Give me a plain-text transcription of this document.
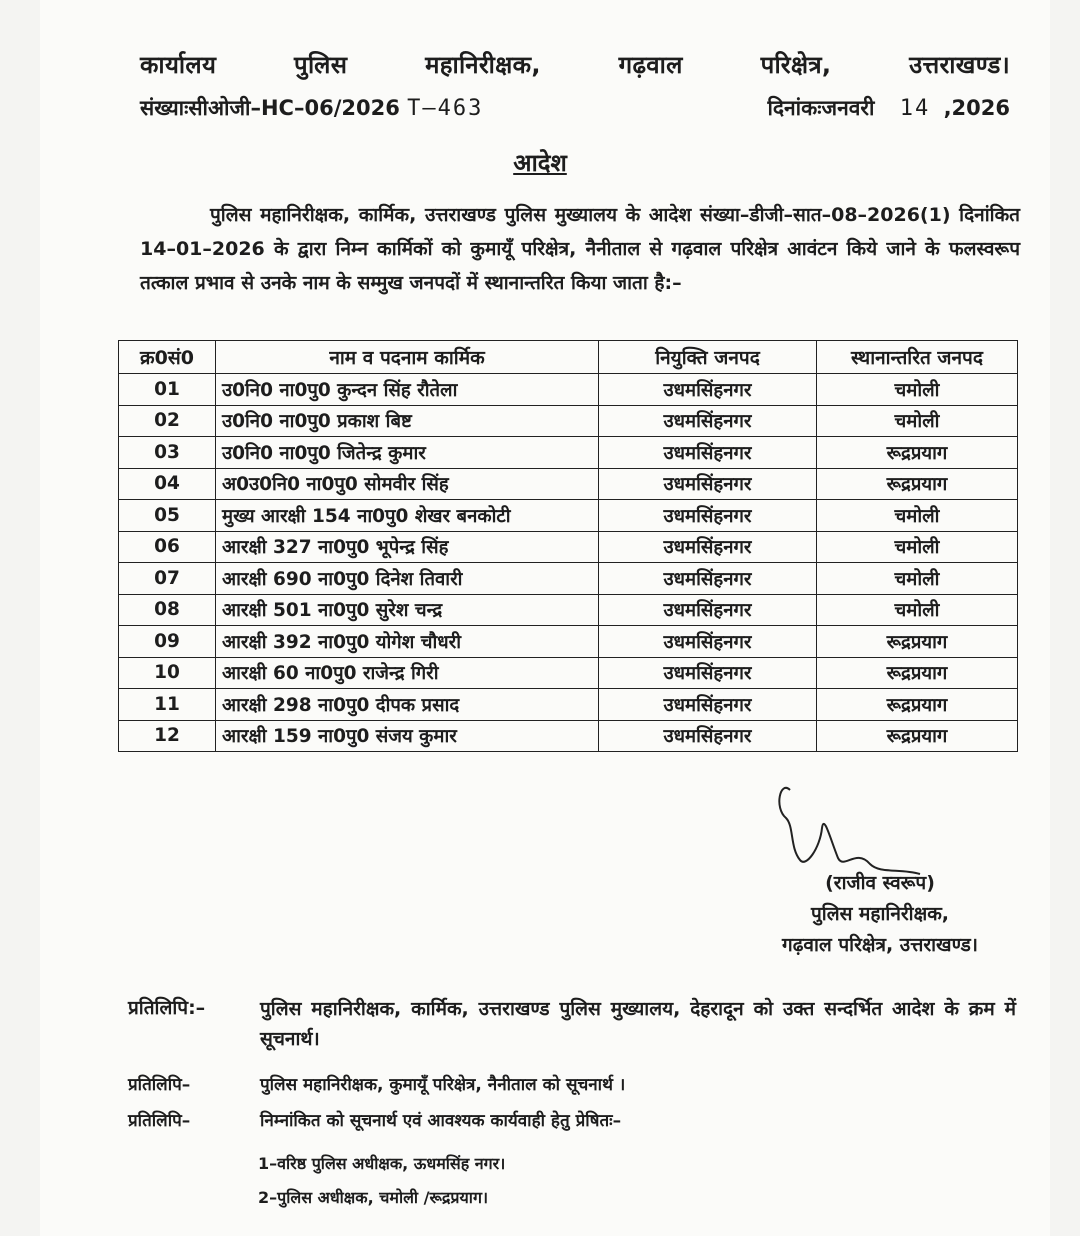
कार्यालय	पुलिस	महानिरीक्षक,	गढ़वाल	परिक्षेत्र,	उत्तराखण्ड।
संख्याःसीओजी–HC–06/2026 T–463	दिनांकःजनवरी 14 ,2026
आदेश
पुलिस महानिरीक्षक, कार्मिक, उत्तराखण्ड पुलिस मुख्यालय के आदेश संख्या–डीजी–सात–08–2026(1) दिनांकित 14–01–2026 के द्वारा निम्न कार्मिकों को कुमायूँ परिक्षेत्र, नैनीताल से गढ़वाल परिक्षेत्र आवंटन किये जाने के फलस्वरूप तत्काल प्रभाव से उनके नाम के सम्मुख जनपदों में स्थानान्तरित किया जाता है:–
क्र0सं0	नाम व पदनाम कार्मिक	नियुक्ति जनपद	स्थानान्तरित जनपद
01	उ0नि0 ना0पु0 कुन्दन सिंह रौतेला	उधमसिंहनगर	चमोली
02	उ0नि0 ना0पु0 प्रकाश बिष्ट	उधमसिंहनगर	चमोली
03	उ0नि0 ना0पु0 जितेन्द्र कुमार	उधमसिंहनगर	रूद्रप्रयाग
04	अ0उ0नि0 ना0पु0 सोमवीर सिंह	उधमसिंहनगर	रूद्रप्रयाग
05	मुख्य आरक्षी 154 ना0पु0 शेखर बनकोटी	उधमसिंहनगर	चमोली
06	आरक्षी 327 ना0पु0 भूपेन्द्र सिंह	उधमसिंहनगर	चमोली
07	आरक्षी 690 ना0पु0 दिनेश तिवारी	उधमसिंहनगर	चमोली
08	आरक्षी 501 ना0पु0 सुरेश चन्द्र	उधमसिंहनगर	चमोली
09	आरक्षी 392 ना0पु0 योगेश चौधरी	उधमसिंहनगर	रूद्रप्रयाग
10	आरक्षी 60 ना0पु0 राजेन्द्र गिरी	उधमसिंहनगर	रूद्रप्रयाग
11	आरक्षी 298 ना0पु0 दीपक प्रसाद	उधमसिंहनगर	रूद्रप्रयाग
12	आरक्षी 159 ना0पु0 संजय कुमार	उधमसिंहनगर	रूद्रप्रयाग
(राजीव स्वरूप)
पुलिस महानिरीक्षक,
गढ़वाल परिक्षेत्र, उत्तराखण्ड।
प्रतिलिपि:–	पुलिस महानिरीक्षक, कार्मिक, उत्तराखण्ड पुलिस मुख्यालय, देहरादून को उक्त सन्दर्भित आदेश के क्रम में सूचनार्थ।
प्रतिलिपि–	पुलिस महानिरीक्षक, कुमायूँ परिक्षेत्र, नैनीताल को सूचनार्थ ।
प्रतिलिपि–	निम्नांकित को सूचनार्थ एवं आवश्यक कार्यवाही हेतु प्रेषितः–
1–वरिष्ठ पुलिस अधीक्षक, ऊधमसिंह नगर।
2–पुलिस अधीक्षक, चमोली /रूद्रप्रयाग।
